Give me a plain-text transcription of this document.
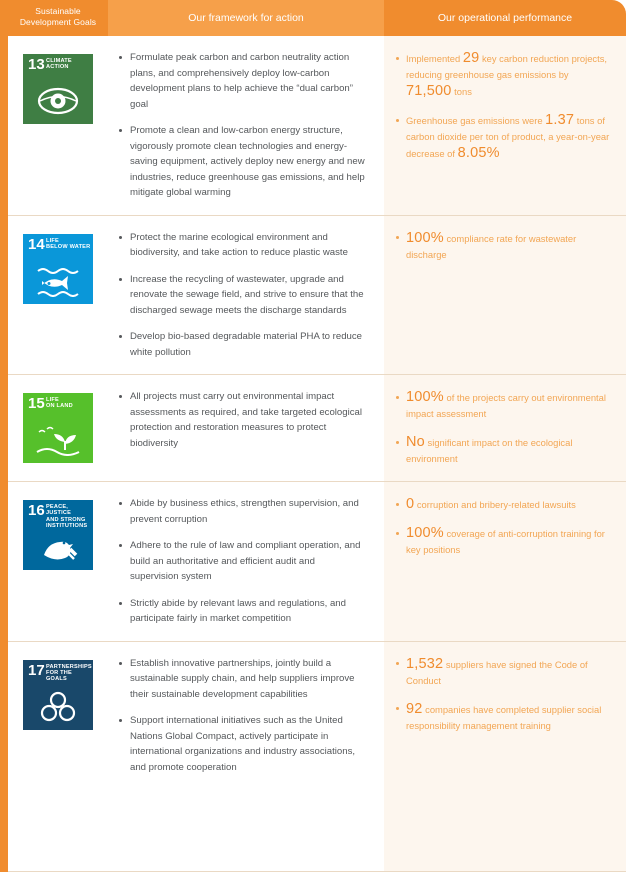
Sustainable
Development Goals	Our framework for action	Our operational performance
13 CLIMATE
ACTION
Formulate peak carbon and carbon neutrality action plans, and comprehensively deploy low-carbon development plans to help achieve the “dual carbon” goal
Promote a clean and low-carbon energy structure, vigorously promote clean technologies and energy-saving equipment, actively deploy new energy and new industries, reduce greenhouse gas emissions, and help mitigate global warming
Implemented 29 key carbon reduction projects, reducing greenhouse gas emissions by 71,500 tons
Greenhouse gas emissions were 1.37 tons of carbon dioxide per ton of product, a year-on-year decrease of 8.05%
14 LIFE
BELOW WATER
Protect the marine ecological environment and biodiversity, and take action to reduce plastic waste
Increase the recycling of wastewater, upgrade and renovate the sewage field, and strive to ensure that the discharged sewage meets the discharge standards
Develop bio-based degradable material PHA to reduce white pollution
100% compliance rate for wastewater discharge
15 LIFE
ON LAND
All projects must carry out environmental impact assessments as required, and take targeted ecological protection and restoration measures to protect biodiversity
100% of the projects carry out environmental impact assessment
No significant impact on the ecological environment
16 PEACE, JUSTICE
AND STRONG INSTITUTIONS
Abide by business ethics, strengthen supervision, and prevent corruption
Adhere to the rule of law and compliant operation, and build an authoritative and efficient audit and supervision system
Strictly abide by relevant laws and regulations, and participate fairly in market competition
0 corruption and bribery-related lawsuits
100% coverage of anti-corruption training for key positions
17 PARTNERSHIPS
FOR THE GOALS
Establish innovative partnerships, jointly build a sustainable supply chain, and help suppliers improve their sustainable development capabilities
Support international initiatives such as the United Nations Global Compact, actively participate in international organizations and industry associations, and promote cooperation
1,532 suppliers have signed the Code of Conduct
92 companies have completed supplier social responsibility management training
